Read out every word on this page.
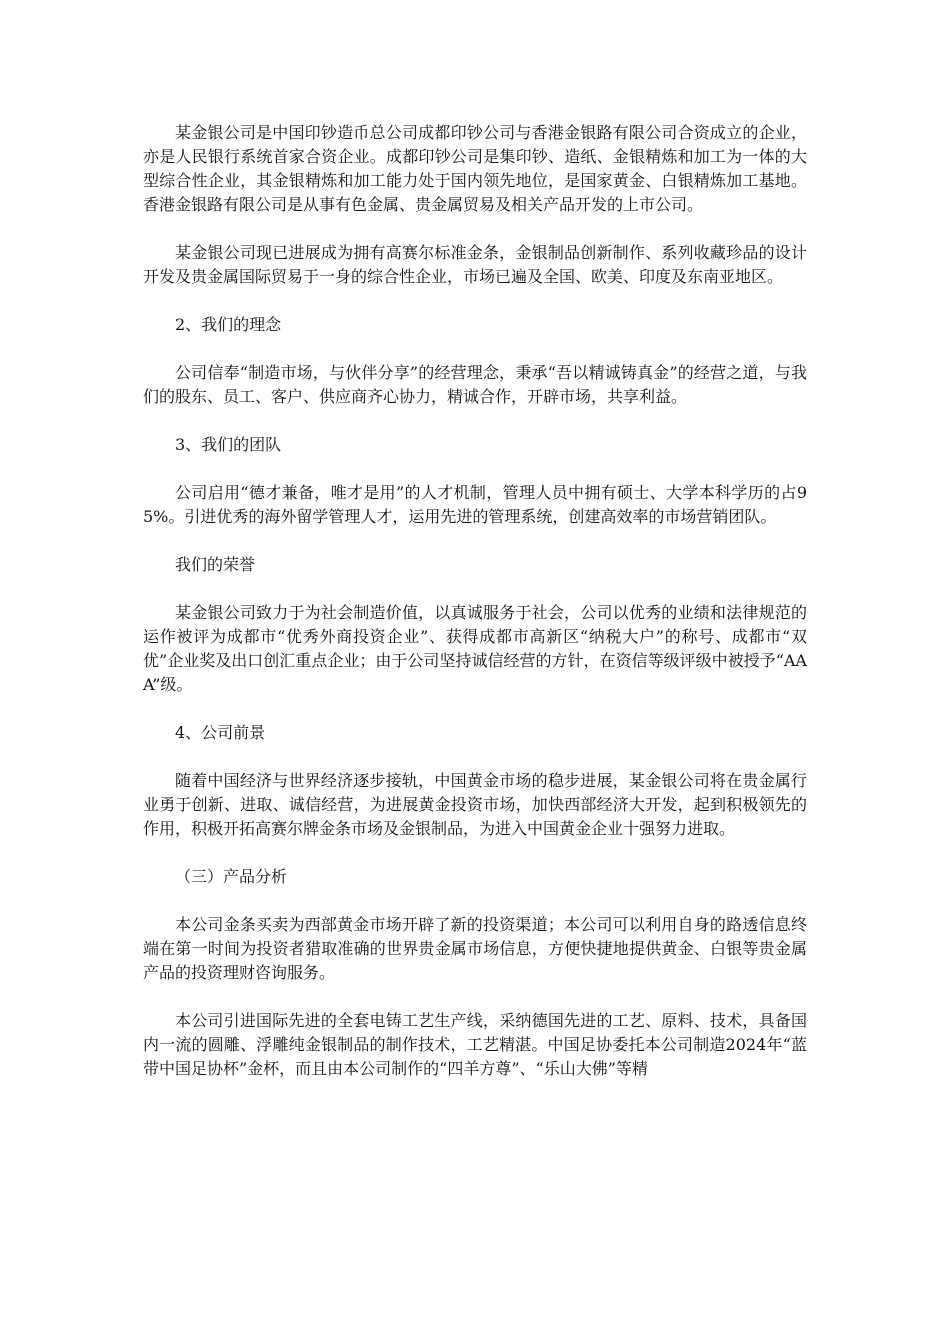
某金银公司是中国印钞造币总公司成都印钞公司与香港金银路有限公司合资成立的企业，亦是人民银行系统首家合资企业。成都印钞公司是集印钞、造纸、金银精炼和加工为一体的大型综合性企业，其金银精炼和加工能力处于国内领先地位，是国家黄金、白银精炼加工基地。香港金银路有限公司是从事有色金属、贵金属贸易及相关产品开发的上市公司。

某金银公司现已进展成为拥有高赛尔标准金条，金银制品创新制作、系列收藏珍品的设计开发及贵金属国际贸易于一身的综合性企业，市场已遍及全国、欧美、印度及东南亚地区。

2、我们的理念

公司信奉“制造市场，与伙伴分享”的经营理念，秉承“吾以精诚铸真金”的经营之道，与我们的股东、员工、客户、供应商齐心协力，精诚合作，开辟市场，共享利益。

3、我们的团队

公司启用“德才兼备，唯才是用”的人才机制，管理人员中拥有硕士、大学本科学历的占95%。引进优秀的海外留学管理人才，运用先进的管理系统，创建高效率的市场营销团队。

我们的荣誉

某金银公司致力于为社会制造价值，以真诚服务于社会，公司以优秀的业绩和法律规范的运作被评为成都市“优秀外商投资企业”、获得成都市高新区“纳税大户”的称号、成都市“双优”企业奖及出口创汇重点企业；由于公司坚持诚信经营的方针，在资信等级评级中被授予“AAA”级。

4、公司前景

随着中国经济与世界经济逐步接轨，中国黄金市场的稳步进展，某金银公司将在贵金属行业勇于创新、进取、诚信经营，为进展黄金投资市场，加快西部经济大开发，起到积极领先的作用，积极开拓高赛尔牌金条市场及金银制品，为进入中国黄金企业十强努力进取。

（三）产品分析

本公司金条买卖为西部黄金市场开辟了新的投资渠道；本公司可以利用自身的路透信息终端在第一时间为投资者猎取准确的世界贵金属市场信息，方便快捷地提供黄金、白银等贵金属产品的投资理财咨询服务。

本公司引进国际先进的全套电铸工艺生产线，采纳德国先进的工艺、原料、技术，具备国内一流的圆雕、浮雕纯金银制品的制作技术，工艺精湛。中国足协委托本公司制造2024年“蓝带中国足协杯”金杯，而且由本公司制作的“四羊方尊”、“乐山大佛”等精
